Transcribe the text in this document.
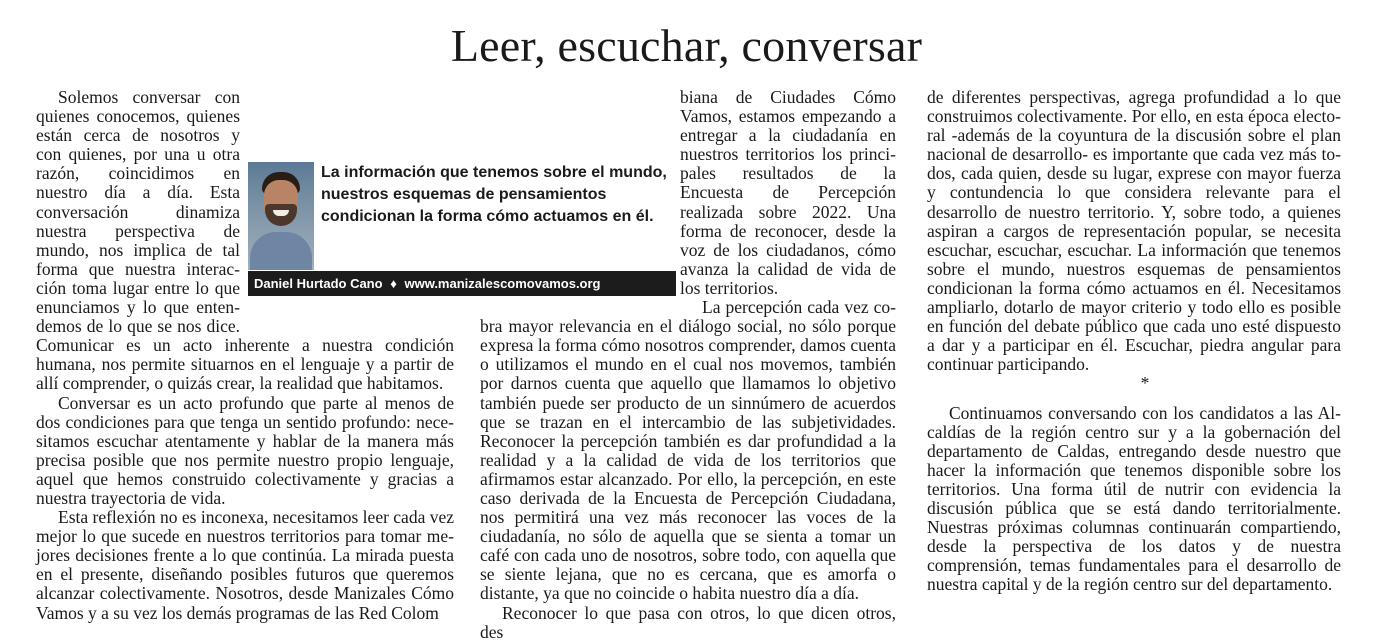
Leer, escuchar, conversar

Solemos conversar con quienes conocemos, quienes están cerca de nosotros y con quienes, por una u otra razón, coincidimos en nuestro día a día. Esta conversación dinamiza nuestra perspectiva de mundo, nos implica de tal forma que nuestra interacción toma lugar entre lo que enunciamos y lo que entendemos de lo que se nos dice. Comunicar es un acto inherente a nuestra condición humana, nos permite situarnos en el lenguaje y a partir de allí comprender, o quizás crear, la realidad que habitamos.

Conversar es un acto profundo que parte al menos de dos condiciones para que tenga un sentido profundo: necesitamos escuchar atentamente y hablar de la manera más precisa posible que nos permite nuestro propio lenguaje, aquel que hemos construido colectivamente y gracias a nuestra trayectoria de vida.

Esta reflexión no es inconexa, necesitamos leer cada vez mejor lo que sucede en nuestros territorios para tomar mejores decisiones frente a lo que continúa. La mirada puesta en el presente, diseñando posibles futuros que queremos alcanzar colectivamente. Nosotros, desde Manizales Cómo Vamos y a su vez los demás programas de las Red Colom

biana de Ciudades Cómo Vamos, estamos empezando a entregar a la ciudadanía en nuestros territorios los principales resultados de la Encuesta de Percepción realizada sobre 2022. Una forma de reconocer, desde la voz de los ciudadanos, cómo avanza la calidad de vida de los territorios.

La percepción cada vez cobra mayor relevancia en el diálogo social, no sólo porque expresa la forma cómo nosotros comprender, damos cuenta o utilizamos el mundo en el cual nos movemos, también por darnos cuenta que aquello que llamamos lo objetivo también puede ser producto de un sinnúmero de acuerdos que se trazan en el intercambio de las subjetividades. Reconocer la percepción también es dar profundidad a la realidad y a la calidad de vida de los territorios que afirmamos estar alcanzado. Por ello, la percepción, en este caso derivada de la Encuesta de Percepción Ciudadana, nos permitirá una vez más reconocer las voces de la ciudadanía, no sólo de aquella que se sienta a tomar un café con cada uno de nosotros, sobre todo, con aquella que se siente lejana, que no es cercana, que es amorfa o distante, ya que no coincide o habita nuestro día a día.

Reconocer lo que pasa con otros, lo que dicen otros, des

de diferentes perspectivas, agrega profundidad a lo que construimos colectivamente. Por ello, en esta época electoral -además de la coyuntura de la discusión sobre el plan nacional de desarrollo- es importante que cada vez más todos, cada quien, desde su lugar, exprese con mayor fuerza y contundencia lo que considera relevante para el desarrollo de nuestro territorio. Y, sobre todo, a quienes aspiran a cargos de representación popular, se necesita escuchar, escuchar, escuchar. La información que tenemos sobre el mundo, nuestros esquemas de pensamientos condicionan la forma cómo actuamos en él. Necesitamos ampliarlo, dotarlo de mayor criterio y todo ello es posible en función del debate público que cada uno esté dispuesto a dar y a participar en él. Escuchar, piedra angular para continuar participando.

*

Continuamos conversando con los candidatos a las Alcaldías de la región centro sur y a la gobernación del departamento de Caldas, entregando desde nuestro que hacer la información que tenemos disponible sobre los territorios. Una forma útil de nutrir con evidencia la discusión pública que se está dando territorialmente. Nuestras próximas columnas continuarán compartiendo, desde la perspectiva de los datos y de nuestra comprensión, temas fundamentales para el desarrollo de nuestra capital y de la región centro sur del departamento.

La información que tenemos sobre el mundo, nuestros esquemas de pensamientos condicionan la forma cómo actuamos en él.

Daniel Hurtado Cano ♦ www.manizalescomovamos.org
